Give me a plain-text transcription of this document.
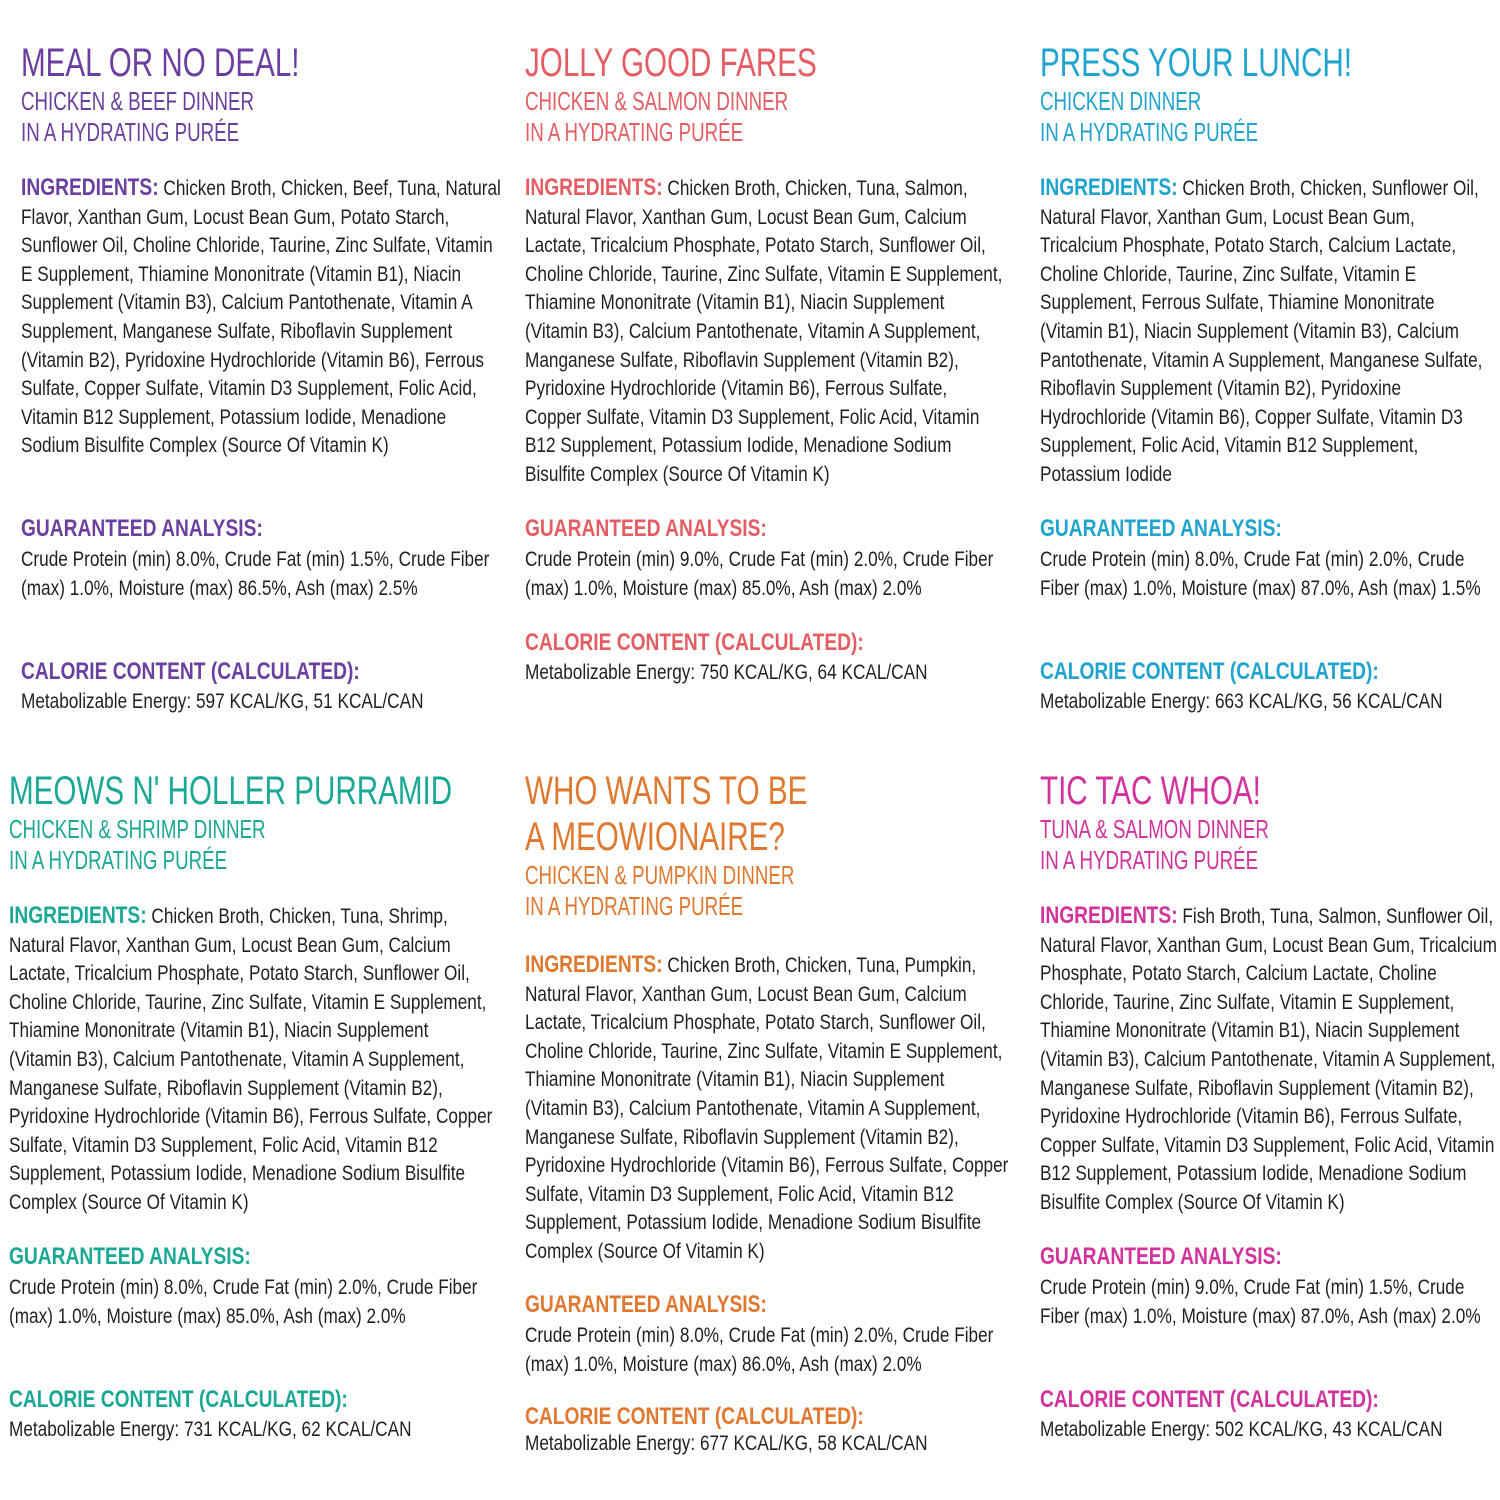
MEAL OR NO DEAL!
CHICKEN & BEEF DINNER
IN A HYDRATING PURÉE

INGREDIENTS: Chicken Broth, Chicken, Beef, Tuna, Natural Flavor, Xanthan Gum, Locust Bean Gum, Potato Starch, Sunflower Oil, Choline Chloride, Taurine, Zinc Sulfate, Vitamin E Supplement, Thiamine Mononitrate (Vitamin B1), Niacin Supplement (Vitamin B3), Calcium Pantothenate, Vitamin A Supplement, Manganese Sulfate, Riboflavin Supplement (Vitamin B2), Pyridoxine Hydrochloride (Vitamin B6), Ferrous Sulfate, Copper Sulfate, Vitamin D3 Supplement, Folic Acid, Vitamin B12 Supplement, Potassium Iodide, Menadione Sodium Bisulfite Complex (Source Of Vitamin K)

GUARANTEED ANALYSIS:

Crude Protein (min) 8.0%, Crude Fat (min) 1.5%, Crude Fiber (max) 1.0%, Moisture (max) 86.5%, Ash (max) 2.5%

CALORIE CONTENT (CALCULATED):

Metabolizable Energy: 597 KCAL/KG, 51 KCAL/CAN

JOLLY GOOD FARES
CHICKEN & SALMON DINNER
IN A HYDRATING PURÉE

INGREDIENTS: Chicken Broth, Chicken, Tuna, Salmon, Natural Flavor, Xanthan Gum, Locust Bean Gum, Calcium Lactate, Tricalcium Phosphate, Potato Starch, Sunflower Oil, Choline Chloride, Taurine, Zinc Sulfate, Vitamin E Supplement, Thiamine Mononitrate (Vitamin B1), Niacin Supplement (Vitamin B3), Calcium Pantothenate, Vitamin A Supplement, Manganese Sulfate, Riboflavin Supplement (Vitamin B2), Pyridoxine Hydrochloride (Vitamin B6), Ferrous Sulfate, Copper Sulfate, Vitamin D3 Supplement, Folic Acid, Vitamin B12 Supplement, Potassium Iodide, Menadione Sodium Bisulfite Complex (Source Of Vitamin K)

GUARANTEED ANALYSIS:

Crude Protein (min) 9.0%, Crude Fat (min) 2.0%, Crude Fiber (max) 1.0%, Moisture (max) 85.0%, Ash (max) 2.0%

CALORIE CONTENT (CALCULATED):

Metabolizable Energy: 750 KCAL/KG, 64 KCAL/CAN

PRESS YOUR LUNCH!
CHICKEN DINNER
IN A HYDRATING PURÉE

INGREDIENTS: Chicken Broth, Chicken, Sunflower Oil, Natural Flavor, Xanthan Gum, Locust Bean Gum, Tricalcium Phosphate, Potato Starch, Calcium Lactate, Choline Chloride, Taurine, Zinc Sulfate, Vitamin E Supplement, Ferrous Sulfate, Thiamine Mononitrate (Vitamin B1), Niacin Supplement (Vitamin B3), Calcium Pantothenate, Vitamin A Supplement, Manganese Sulfate, Riboflavin Supplement (Vitamin B2), Pyridoxine Hydrochloride (Vitamin B6), Copper Sulfate, Vitamin D3 Supplement, Folic Acid, Vitamin B12 Supplement, Potassium Iodide

GUARANTEED ANALYSIS:

Crude Protein (min) 8.0%, Crude Fat (min) 2.0%, Crude Fiber (max) 1.0%, Moisture (max) 87.0%, Ash (max) 1.5%

CALORIE CONTENT (CALCULATED):

Metabolizable Energy: 663 KCAL/KG, 56 KCAL/CAN

MEOWS N' HOLLER PURRAMID
CHICKEN & SHRIMP DINNER
IN A HYDRATING PURÉE

INGREDIENTS: Chicken Broth, Chicken, Tuna, Shrimp, Natural Flavor, Xanthan Gum, Locust Bean Gum, Calcium Lactate, Tricalcium Phosphate, Potato Starch, Sunflower Oil, Choline Chloride, Taurine, Zinc Sulfate, Vitamin E Supplement, Thiamine Mononitrate (Vitamin B1), Niacin Supplement (Vitamin B3), Calcium Pantothenate, Vitamin A Supplement, Manganese Sulfate, Riboflavin Supplement (Vitamin B2), Pyridoxine Hydrochloride (Vitamin B6), Ferrous Sulfate, Copper Sulfate, Vitamin D3 Supplement, Folic Acid, Vitamin B12 Supplement, Potassium Iodide, Menadione Sodium Bisulfite Complex (Source Of Vitamin K)

GUARANTEED ANALYSIS:

Crude Protein (min) 8.0%, Crude Fat (min) 2.0%, Crude Fiber (max) 1.0%, Moisture (max) 85.0%, Ash (max) 2.0%

CALORIE CONTENT (CALCULATED):

Metabolizable Energy: 731 KCAL/KG, 62 KCAL/CAN

WHO WANTS TO BE A MEOWIONAIRE?
CHICKEN & PUMPKIN DINNER
IN A HYDRATING PURÉE

INGREDIENTS: Chicken Broth, Chicken, Tuna, Pumpkin, Natural Flavor, Xanthan Gum, Locust Bean Gum, Calcium Lactate, Tricalcium Phosphate, Potato Starch, Sunflower Oil, Choline Chloride, Taurine, Zinc Sulfate, Vitamin E Supplement, Thiamine Mononitrate (Vitamin B1), Niacin Supplement (Vitamin B3), Calcium Pantothenate, Vitamin A Supplement, Manganese Sulfate, Riboflavin Supplement (Vitamin B2), Pyridoxine Hydrochloride (Vitamin B6), Ferrous Sulfate, Copper Sulfate, Vitamin D3 Supplement, Folic Acid, Vitamin B12 Supplement, Potassium Iodide, Menadione Sodium Bisulfite Complex (Source Of Vitamin K)

GUARANTEED ANALYSIS:

Crude Protein (min) 8.0%, Crude Fat (min) 2.0%, Crude Fiber (max) 1.0%, Moisture (max) 86.0%, Ash (max) 2.0%

CALORIE CONTENT (CALCULATED):

Metabolizable Energy: 677 KCAL/KG, 58 KCAL/CAN

TIC TAC WHOA!
TUNA & SALMON DINNER
IN A HYDRATING PURÉE

INGREDIENTS: Fish Broth, Tuna, Salmon, Sunflower Oil, Natural Flavor, Xanthan Gum, Locust Bean Gum, Tricalcium Phosphate, Potato Starch, Calcium Lactate, Choline Chloride, Taurine, Zinc Sulfate, Vitamin E Supplement, Thiamine Mononitrate (Vitamin B1), Niacin Supplement (Vitamin B3), Calcium Pantothenate, Vitamin A Supplement, Manganese Sulfate, Riboflavin Supplement (Vitamin B2), Pyridoxine Hydrochloride (Vitamin B6), Ferrous Sulfate, Copper Sulfate, Vitamin D3 Supplement, Folic Acid, Vitamin B12 Supplement, Potassium Iodide, Menadione Sodium Bisulfite Complex (Source Of Vitamin K)

GUARANTEED ANALYSIS:

Crude Protein (min) 9.0%, Crude Fat (min) 1.5%, Crude Fiber (max) 1.0%, Moisture (max) 87.0%, Ash (max) 2.0%

CALORIE CONTENT (CALCULATED):

Metabolizable Energy: 502 KCAL/KG, 43 KCAL/CAN
